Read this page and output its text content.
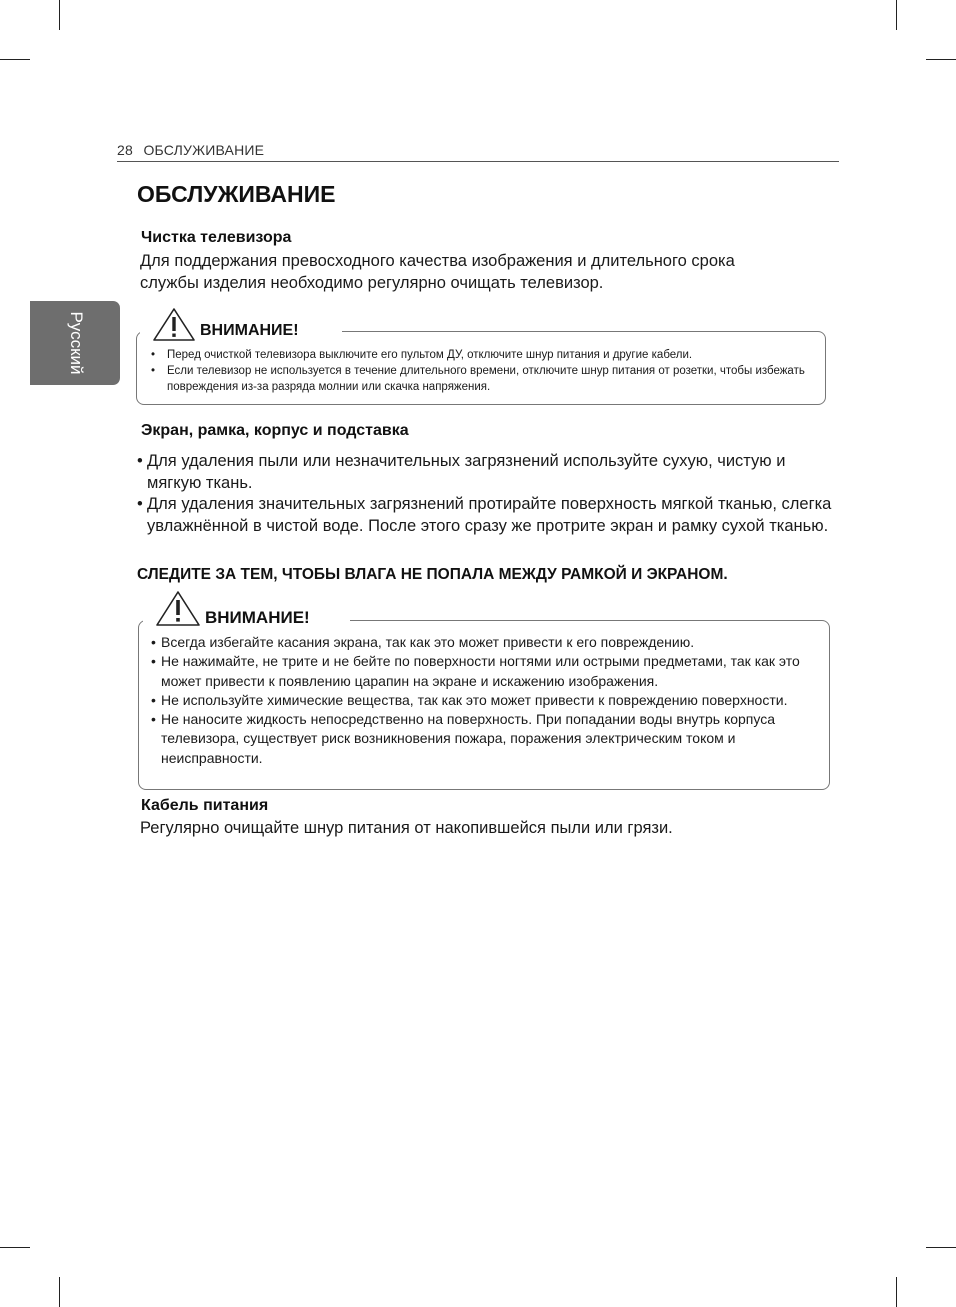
28 ОБСЛУЖИВАНИЕ
Русский
ОБСЛУЖИВАНИЕ
Чистка телевизора
Для поддержания превосходного качества изображения и длительного срока
службы изделия необходимо регулярно очищать телевизор.
ВНИМАНИЕ!
• Перед очисткой телевизора выключите его пультом ДУ, отключите шнур питания и другие кабели.
• Если телевизор не используется в течение длительного времени, отключите шнур питания от розетки, чтобы избежать повреждения из-за разряда молнии или скачка напряжения.
Экран, рамка, корпус и подставка
• Для удаления пыли или незначительных загрязнений используйте сухую, чистую и мягкую ткань.
• Для удаления значительных загрязнений протирайте поверхность мягкой тканью, слегка увлажнённой в чистой воде. После этого сразу же протрите экран и рамку сухой тканью.
СЛЕДИТЕ ЗА ТЕМ, ЧТОБЫ ВЛАГА НЕ ПОПАЛА МЕЖДУ РАМКОЙ И ЭКРАНОМ.
ВНИМАНИЕ!
• Всегда избегайте касания экрана, так как это может привести к его повреждению.
• Не нажимайте, не трите и не бейте по поверхности ногтями или острыми предметами, так как это может привести к появлению царапин на экране и искажению изображения.
• Не используйте химические вещества, так как это может привести к повреждению поверхности.
• Не наносите жидкость непосредственно на поверхность. При попадании воды внутрь корпуса телевизора, существует риск возникновения пожара, поражения электрическим током и неисправности.
Кабель питания
Регулярно очищайте шнур питания от накопившейся пыли или грязи.
